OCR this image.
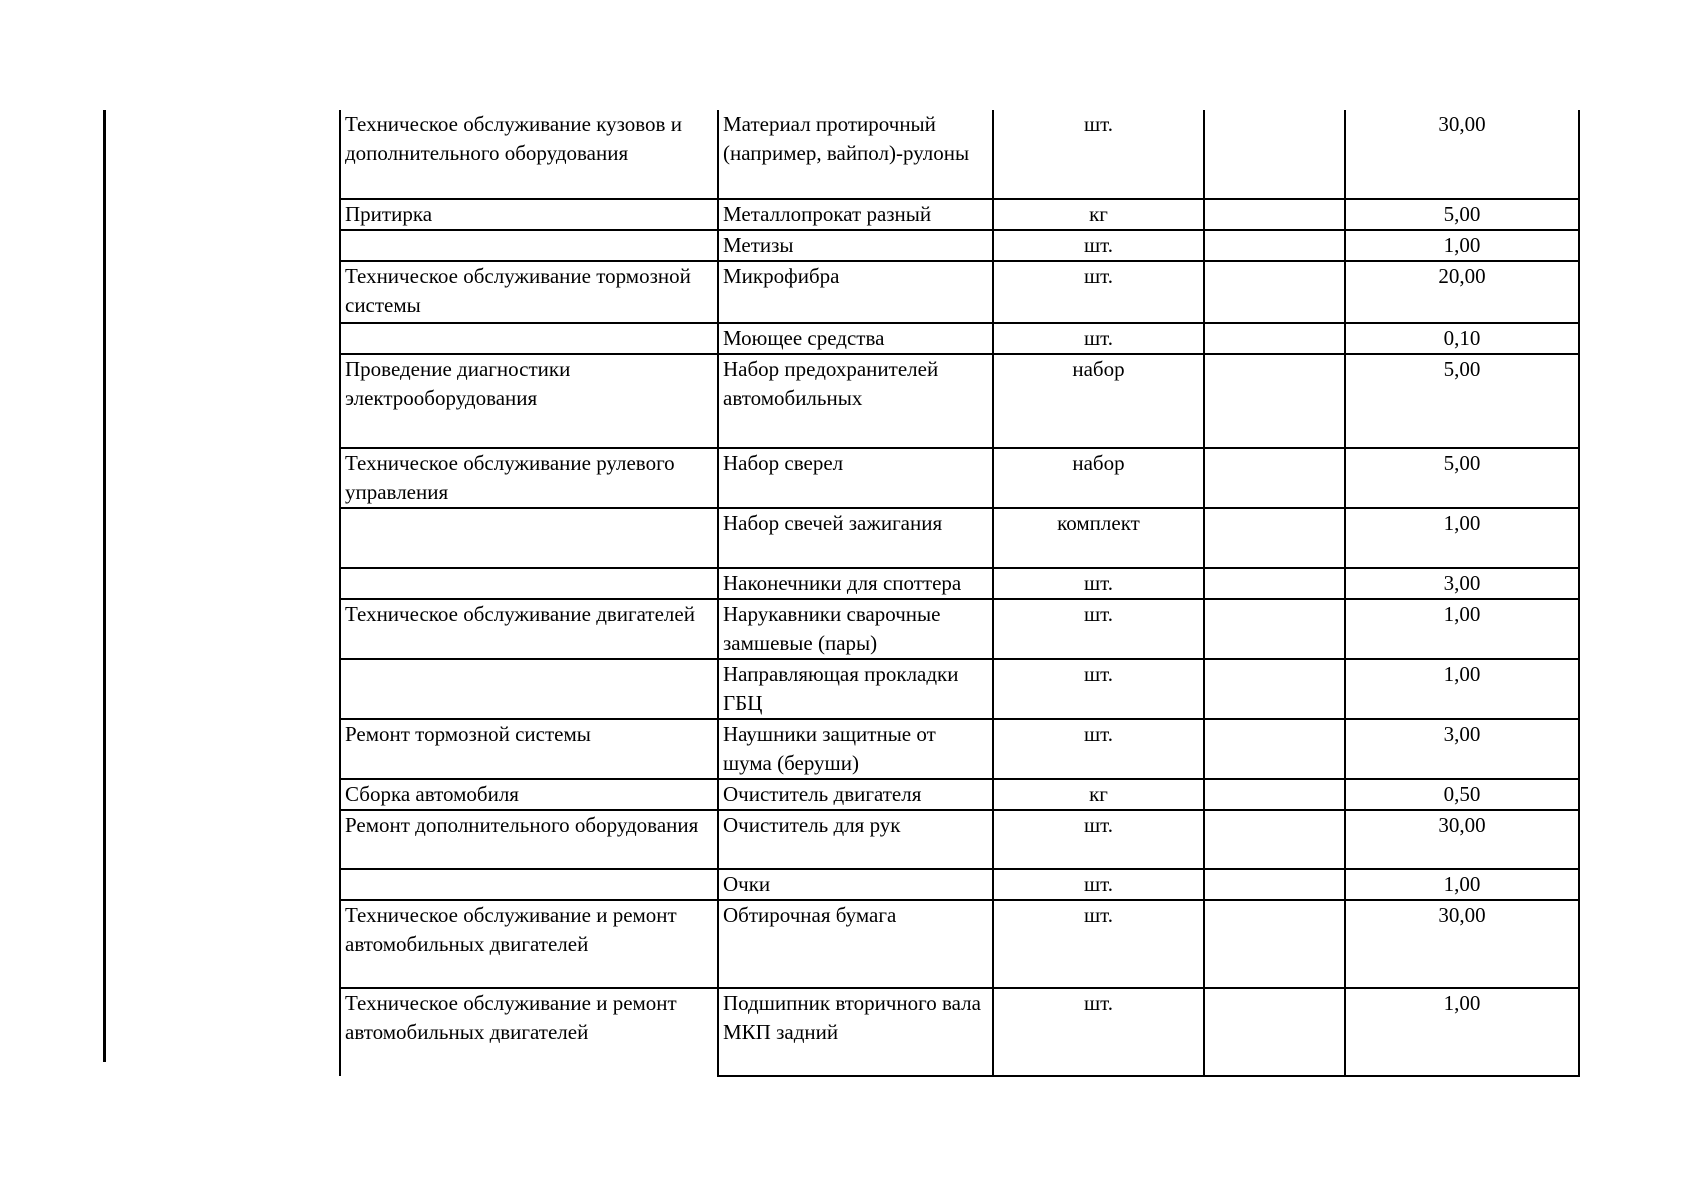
Техническое обслуживание кузовов и дополнительного оборудования	Материал протирочный (например, вайпол)-рулоны	шт.		30,00
Притирка	Металлопрокат разный	кг		5,00
	Метизы	шт.		1,00
Техническое обслуживание тормозной системы	Микрофибра	шт.		20,00
	Моющее средства	шт.		0,10
Проведение диагностики электрооборудования	Набор предохранителей автомобильных	набор		5,00
Техническое обслуживание рулевого управления	Набор сверел	набор		5,00
	Набор свечей зажигания	комплект		1,00
	Наконечники для споттера	шт.		3,00
Техническое обслуживание двигателей	Нарукавники сварочные замшевые (пары)	шт.		1,00
	Направляющая прокладки ГБЦ	шт.		1,00
Ремонт тормозной системы	Наушники защитные от шума (беруши)	шт.		3,00
Сборка автомобиля	Очиститель двигателя	кг		0,50
Ремонт дополнительного оборудования	Очиститель для рук	шт.		30,00
	Очки	шт.		1,00
Техническое обслуживание и ремонт автомобильных двигателей	Обтирочная бумага	шт.		30,00
Техническое обслуживание и ремонт автомобильных двигателей	Подшипник вторичного вала МКП задний	шт.		1,00
